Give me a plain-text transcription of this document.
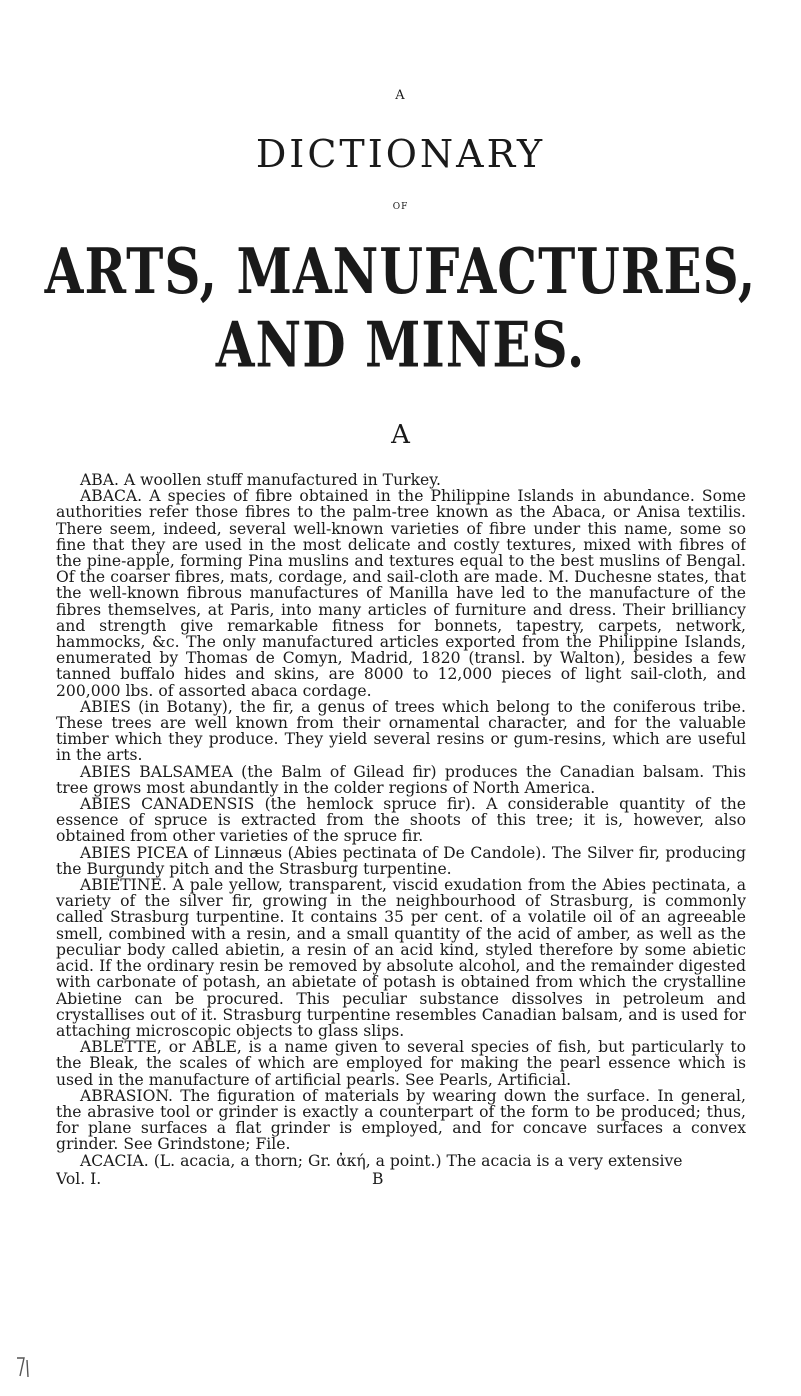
A
DICTIONARY
OF
ARTS, MANUFACTURES, AND MINES.
A

ABA. A woollen stuff manufactured in Turkey.

ABACA. A species of fibre obtained in the Philippine Islands in abundance. Some authorities refer those fibres to the palm-tree known as the Abaca, or Anisa textilis. There seem, indeed, several well-known varieties of fibre under this name, some so fine that they are used in the most delicate and costly textures, mixed with fibres of the pine-apple, forming Pina muslins and textures equal to the best muslins of Bengal. Of the coarser fibres, mats, cordage, and sail-cloth are made. M. Duchesne states, that the well-known fibrous manufactures of Manilla have led to the manufacture of the fibres themselves, at Paris, into many articles of furniture and dress. Their brilliancy and strength give remarkable fitness for bonnets, tapestry, carpets, network, hammocks, &c. The only manufactured articles exported from the Philippine Islands, enumerated by Thomas de Comyn, Madrid, 1820 (transl. by Walton), besides a few tanned buffalo hides and skins, are 8000 to 12,000 pieces of light sail-cloth, and 200,000 lbs. of assorted abaca cordage.

ABIES (in Botany), the fir, a genus of trees which belong to the coniferous tribe. These trees are well known from their ornamental character, and for the valuable timber which they produce. They yield several resins or gum-resins, which are useful in the arts.

ABIES BALSAMEA (the Balm of Gilead fir) produces the Canadian balsam. This tree grows most abundantly in the colder regions of North America.

ABIES CANADENSIS (the hemlock spruce fir). A considerable quantity of the essence of spruce is extracted from the shoots of this tree; it is, however, also obtained from other varieties of the spruce fir.

ABIES PICEA of Linnæus (Abies pectinata of De Candole). The Silver fir, producing the Burgundy pitch and the Strasburg turpentine.

ABIETINE. A pale yellow, transparent, viscid exudation from the Abies pectinata, a variety of the silver fir, growing in the neighbourhood of Strasburg, is commonly called Strasburg turpentine. It contains 35 per cent. of a volatile oil of an agreeable smell, combined with a resin, and a small quantity of the acid of amber, as well as the peculiar body called abietin, a resin of an acid kind, styled therefore by some abietic acid. If the ordinary resin be removed by absolute alcohol, and the remainder digested with carbonate of potash, an abietate of potash is obtained from which the crystalline Abietine can be procured. This peculiar substance dissolves in petroleum and crystallises out of it. Strasburg turpentine resembles Canadian balsam, and is used for attaching microscopic objects to glass slips.

ABLETTE, or ABLE, is a name given to several species of fish, but particularly to the Bleak, the scales of which are employed for making the pearl essence which is used in the manufacture of artificial pearls. See Pearls, Artificial.

ABRASION. The figuration of materials by wearing down the surface. In general, the abrasive tool or grinder is exactly a counterpart of the form to be produced; thus, for plane surfaces a flat grinder is employed, and for concave surfaces a convex grinder. See Grindstone; File.

ACACIA. (L. acacia, a thorn; Gr. ἀκή, a point.) The acacia is a very extensive

Vol. I.	B
